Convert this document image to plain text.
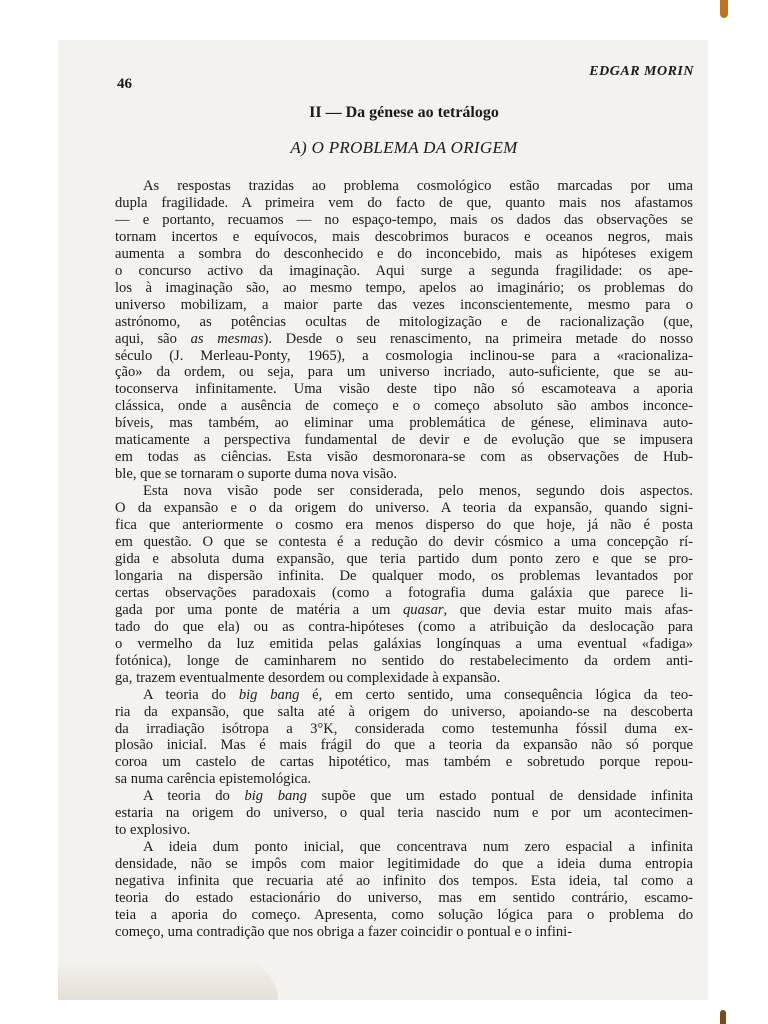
46
EDGAR MORIN
II — Da génese ao tetrálogo
A) O PROBLEMA DA ORIGEM

As respostas trazidas ao problema cosmológico estão marcadas por uma
dupla fragilidade. A primeira vem do facto de que, quanto mais nos afastamos
— e portanto, recuamos — no espaço-tempo, mais os dados das observações se
tornam incertos e equívocos, mais descobrimos buracos e oceanos negros, mais
aumenta a sombra do desconhecido e do inconcebido, mais as hipóteses exigem
o concurso activo da imaginação. Aqui surge a segunda fragilidade: os ape-
los à imaginação são, ao mesmo tempo, apelos ao imaginário; os problemas do
universo mobilizam, a maior parte das vezes inconscientemente, mesmo para o
astrónomo, as potências ocultas de mitologização e de racionalização (que,
aqui, são as mesmas). Desde o seu renascimento, na primeira metade do nosso
século (J. Merleau-Ponty, 1965), a cosmologia inclinou-se para a «racionaliza-
ção» da ordem, ou seja, para um universo incriado, auto-suficiente, que se au-
toconserva infinitamente. Uma visão deste tipo não só escamoteava a aporia
clássica, onde a ausência de começo e o começo absoluto são ambos inconce-
bíveis, mas também, ao eliminar uma problemática de génese, eliminava auto-
maticamente a perspectiva fundamental de devir e de evolução que se impusera
em todas as ciências. Esta visão desmoronara-se com as observações de Hub-
ble, que se tornaram o suporte duma nova visão.

Esta nova visão pode ser considerada, pelo menos, segundo dois aspectos.
O da expansão e o da origem do universo. A teoria da expansão, quando signi-
fica que anteriormente o cosmo era menos disperso do que hoje, já não é posta
em questão. O que se contesta é a redução do devir cósmico a uma concepção rí-
gida e absoluta duma expansão, que teria partido dum ponto zero e que se pro-
longaria na dispersão infinita. De qualquer modo, os problemas levantados por
certas observações paradoxais (como a fotografia duma galáxia que parece li-
gada por uma ponte de matéria a um quasar, que devia estar muito mais afas-
tado do que ela) ou as contra-hipóteses (como a atribuição da deslocação para
o vermelho da luz emitida pelas galáxias longínquas a uma eventual «fadiga»
fotónica), longe de caminharem no sentido do restabelecimento da ordem anti-
ga, trazem eventualmente desordem ou complexidade à expansão.

A teoria do big bang é, em certo sentido, uma consequência lógica da teo-
ria da expansão, que salta até à origem do universo, apoiando-se na descoberta
da irradiação isótropa a 3°K, considerada como testemunha fóssil duma ex-
plosão inicial. Mas é mais frágil do que a teoria da expansão não só porque
coroa um castelo de cartas hipotético, mas também e sobretudo porque repou-
sa numa carência epistemológica.

A teoria do big bang supõe que um estado pontual de densidade infinita
estaria na origem do universo, o qual teria nascido num e por um acontecimen-
to explosivo.

A ideia dum ponto inicial, que concentrava num zero espacial a infinita
densidade, não se impôs com maior legitimidade do que a ideia duma entropia
negativa infinita que recuaria até ao infinito dos tempos. Esta ideia, tal como a
teoria do estado estacionário do universo, mas em sentido contrário, escamo-
teia a aporia do começo. Apresenta, como solução lógica para o problema do
começo, uma contradição que nos obriga a fazer coincidir o pontual e o infini-
